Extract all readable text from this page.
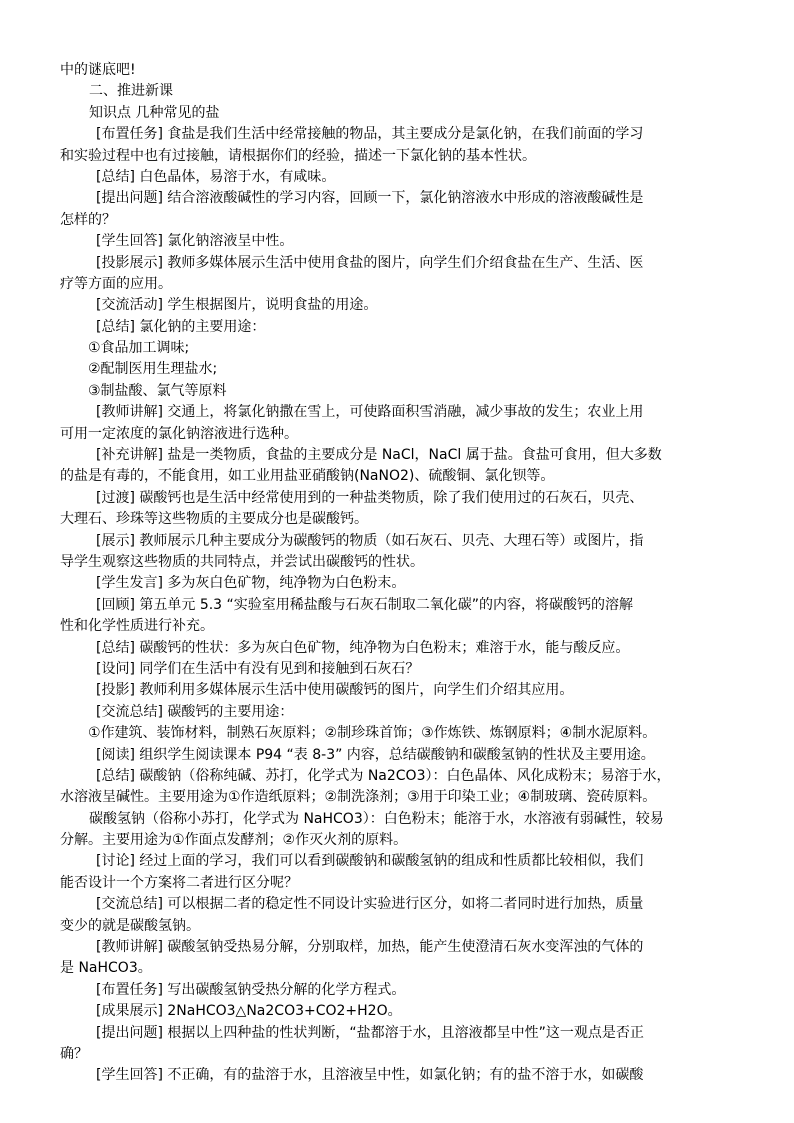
中的谜底吧!
二、推进新课
知识点 几种常见的盐
[布置任务] 食盐是我们生活中经常接触的物品，其主要成分是氯化钠，在我们前面的学习
和实验过程中也有过接触，请根据你们的经验，描述一下氯化钠的基本性状。
[总结] 白色晶体，易溶于水，有咸味。
[提出问题] 结合溶液酸碱性的学习内容，回顾一下，氯化钠溶液水中形成的溶液酸碱性是
怎样的？
[学生回答] 氯化钠溶液呈中性。
[投影展示] 教师多媒体展示生活中使用食盐的图片，向学生们介绍食盐在生产、生活、医
疗等方面的应用。
[交流活动] 学生根据图片，说明食盐的用途。
[总结] 氯化钠的主要用途：
①食品加工调味;
②配制医用生理盐水;
③制盐酸、氯气等原料
[教师讲解] 交通上，将氯化钠撒在雪上，可使路面积雪消融，减少事故的发生；农业上用
可用一定浓度的氯化钠溶液进行选种。
[补充讲解] 盐是一类物质，食盐的主要成分是 NaCl，NaCl 属于盐。食盐可食用，但大多数
的盐是有毒的，不能食用，如工业用盐亚硝酸钠(NaNO2)、硫酸铜、氯化钡等。
[过渡] 碳酸钙也是生活中经常使用到的一种盐类物质，除了我们使用过的石灰石，贝壳、
大理石、珍珠等这些物质的主要成分也是碳酸钙。
[展示] 教师展示几种主要成分为碳酸钙的物质（如石灰石、贝壳、大理石等）或图片，指
导学生观察这些物质的共同特点，并尝试出碳酸钙的性状。
[学生发言] 多为灰白色矿物，纯净物为白色粉末。
[回顾] 第五单元 5.3 “实验室用稀盐酸与石灰石制取二氧化碳”的内容，将碳酸钙的溶解
性和化学性质进行补充。
[总结] 碳酸钙的性状：多为灰白色矿物，纯净物为白色粉末；难溶于水，能与酸反应。
[设问] 同学们在生活中有没有见到和接触到石灰石？
[投影] 教师利用多媒体展示生活中使用碳酸钙的图片，向学生们介绍其应用。
[交流总结] 碳酸钙的主要用途：
①作建筑、装饰材料，制熟石灰原料；②制珍珠首饰；③作炼铁、炼钢原料；④制水泥原料。
[阅读] 组织学生阅读课本 P94 “表 8-3” 内容，总结碳酸钠和碳酸氢钠的性状及主要用途。
[总结] 碳酸钠（俗称纯碱、苏打，化学式为 Na2CO3）：白色晶体、风化成粉末；易溶于水，
水溶液呈碱性。主要用途为①作造纸原料；②制洗涤剂；③用于印染工业；④制玻璃、瓷砖原料。
碳酸氢钠（俗称小苏打，化学式为 NaHCO3）：白色粉末；能溶于水，水溶液有弱碱性，较易
分解。主要用途为①作面点发酵剂；②作灭火剂的原料。
[讨论] 经过上面的学习，我们可以看到碳酸钠和碳酸氢钠的组成和性质都比较相似，我们
能否设计一个方案将二者进行区分呢？
[交流总结] 可以根据二者的稳定性不同设计实验进行区分，如将二者同时进行加热，质量
变少的就是碳酸氢钠。
[教师讲解] 碳酸氢钠受热易分解，分别取样，加热，能产生使澄清石灰水变浑浊的气体的
是 NaHCO3。
[布置任务] 写出碳酸氢钠受热分解的化学方程式。
[成果展示] 2NaHCO3△Na2CO3+CO2+H2O。
[提出问题] 根据以上四种盐的性状判断，“盐都溶于水，且溶液都呈中性”这一观点是否正
确？
[学生回答] 不正确，有的盐溶于水，且溶液呈中性，如氯化钠；有的盐不溶于水，如碳酸
